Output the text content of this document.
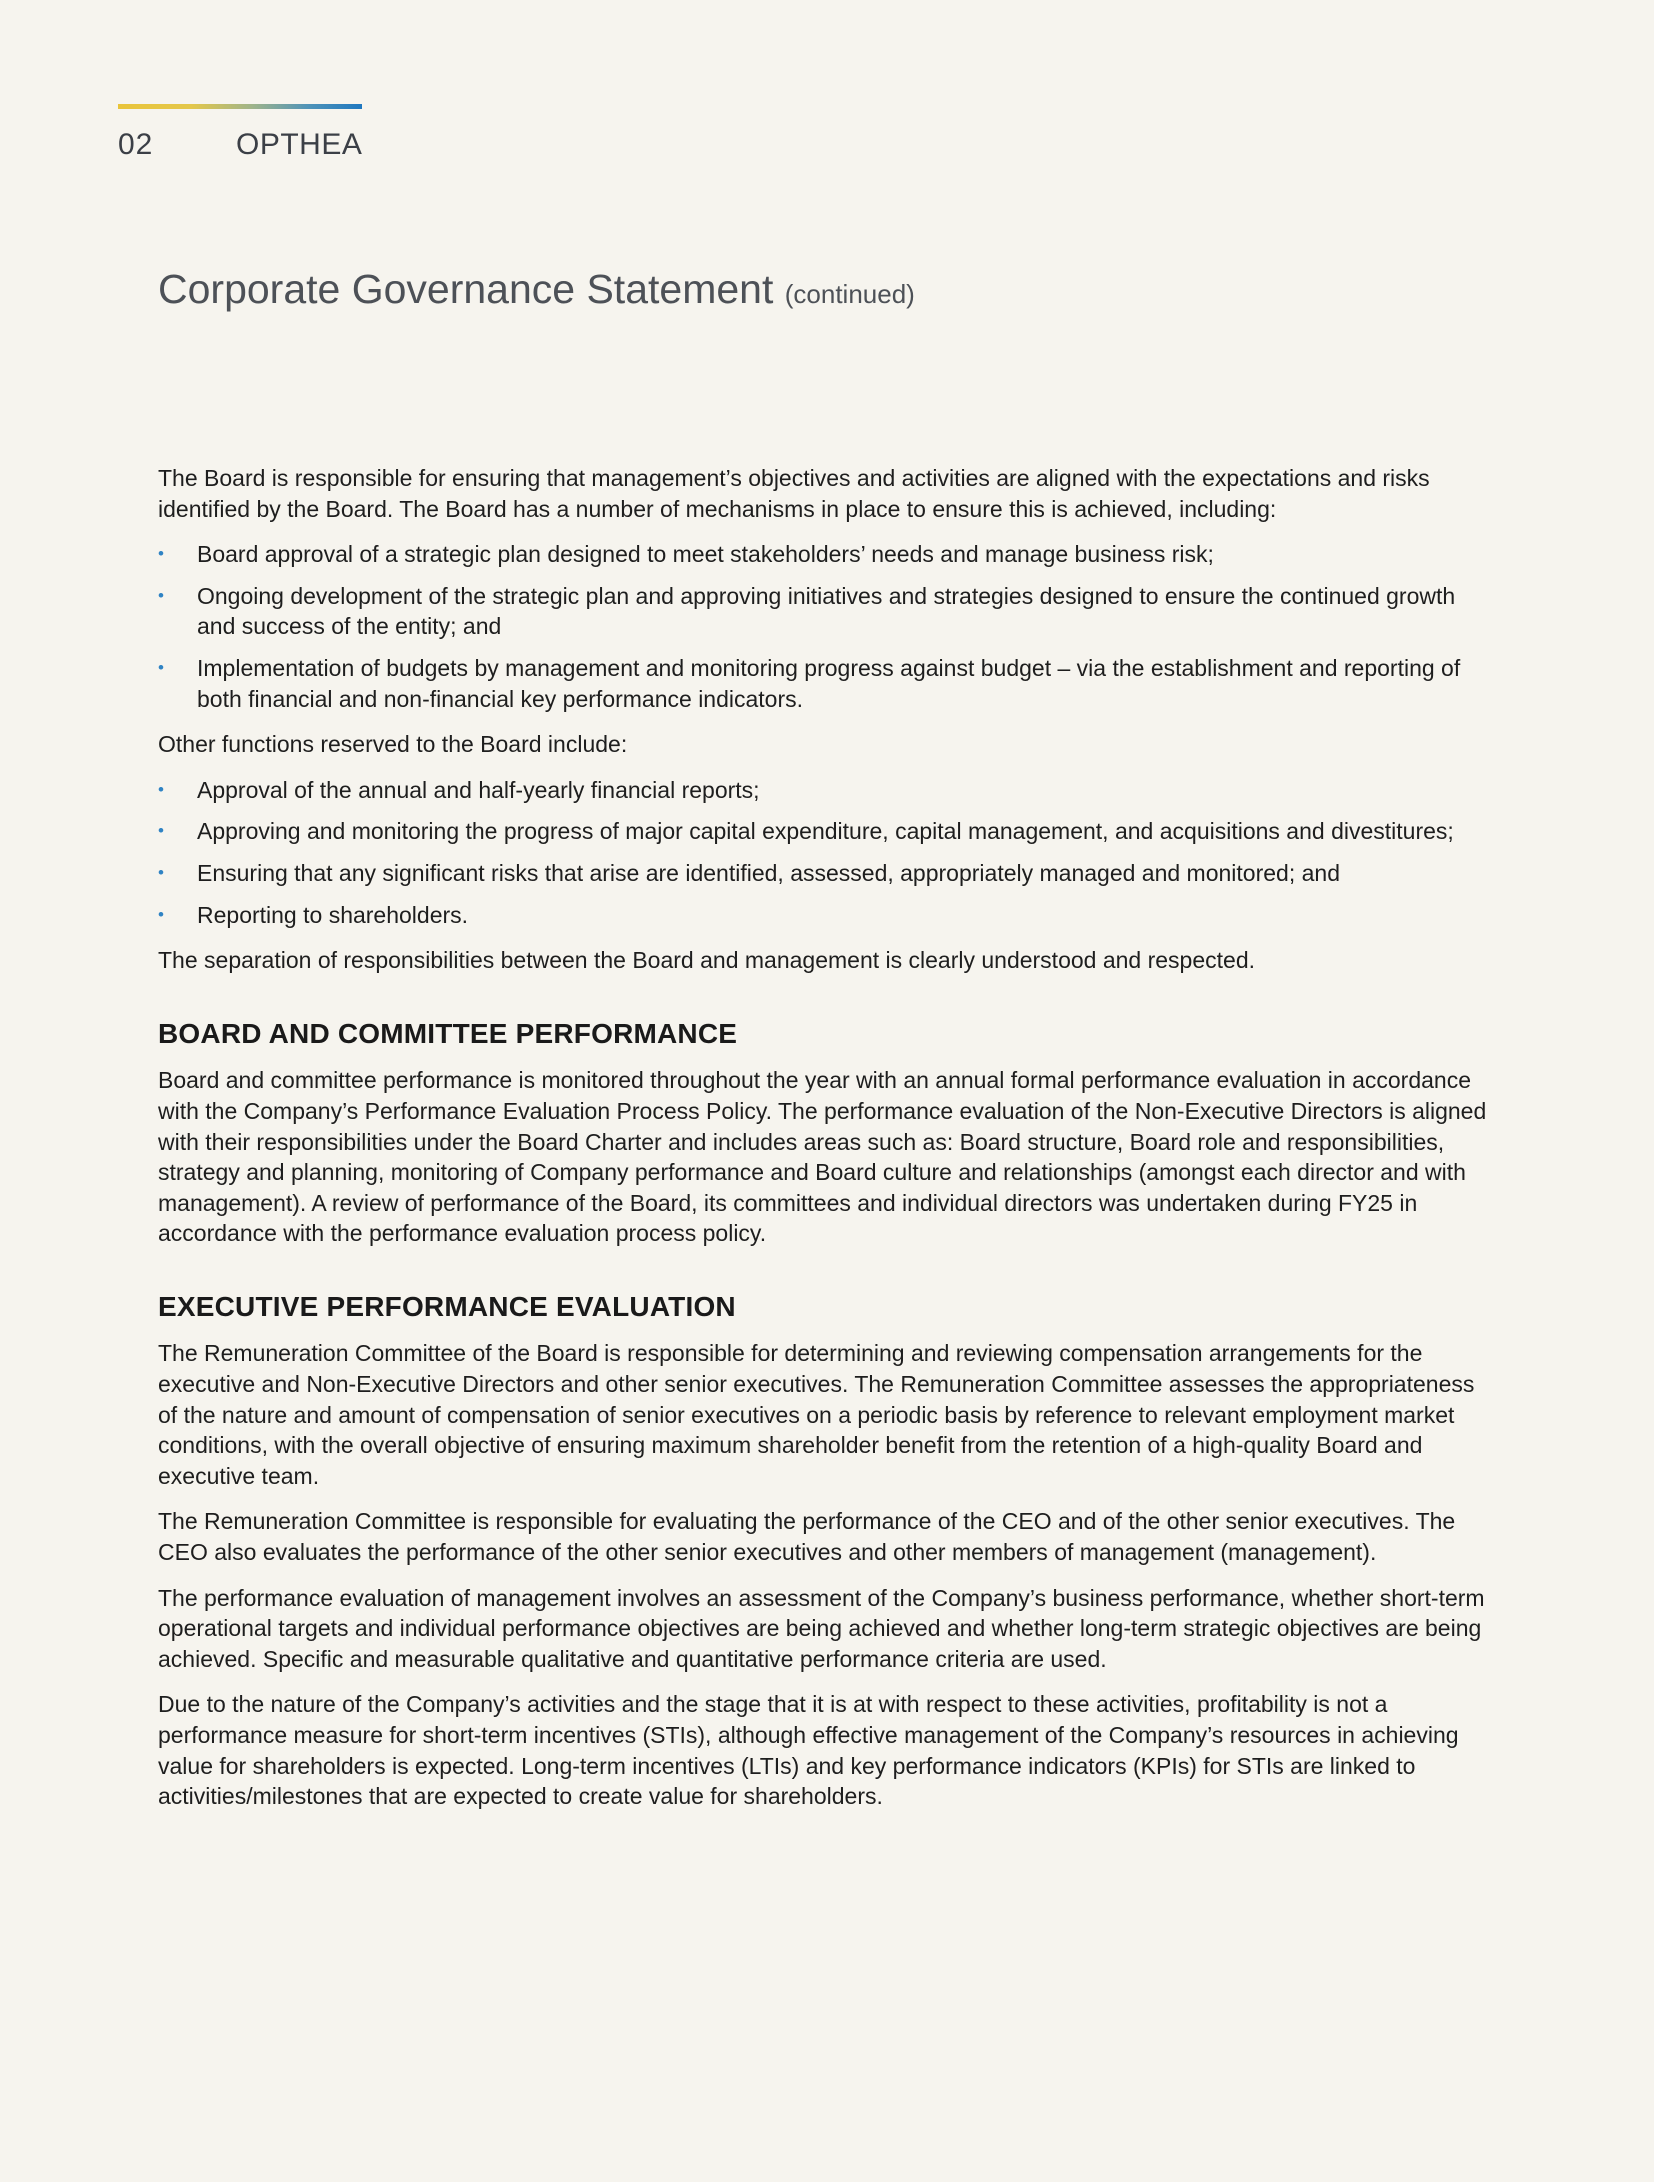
02	OPTHEA
Corporate Governance Statement (continued)

The Board is responsible for ensuring that management’s objectives and activities are aligned with the expectations and risks identified by the Board. The Board has a number of mechanisms in place to ensure this is achieved, including:

• Board approval of a strategic plan designed to meet stakeholders’ needs and manage business risk;
• Ongoing development of the strategic plan and approving initiatives and strategies designed to ensure the continued growth and success of the entity; and
• Implementation of budgets by management and monitoring progress against budget – via the establishment and reporting of both financial and non-financial key performance indicators.

Other functions reserved to the Board include:

• Approval of the annual and half-yearly financial reports;
• Approving and monitoring the progress of major capital expenditure, capital management, and acquisitions and divestitures;
• Ensuring that any significant risks that arise are identified, assessed, appropriately managed and monitored; and
• Reporting to shareholders.

The separation of responsibilities between the Board and management is clearly understood and respected.

BOARD AND COMMITTEE PERFORMANCE

Board and committee performance is monitored throughout the year with an annual formal performance evaluation in accordance with the Company’s Performance Evaluation Process Policy. The performance evaluation of the Non-Executive Directors is aligned with their responsibilities under the Board Charter and includes areas such as: Board structure, Board role and responsibilities, strategy and planning, monitoring of Company performance and Board culture and relationships (amongst each director and with management). A review of performance of the Board, its committees and individual directors was undertaken during FY25 in accordance with the performance evaluation process policy.

EXECUTIVE PERFORMANCE EVALUATION

The Remuneration Committee of the Board is responsible for determining and reviewing compensation arrangements for the executive and Non-Executive Directors and other senior executives. The Remuneration Committee assesses the appropriateness of the nature and amount of compensation of senior executives on a periodic basis by reference to relevant employment market conditions, with the overall objective of ensuring maximum shareholder benefit from the retention of a high-quality Board and executive team.

The Remuneration Committee is responsible for evaluating the performance of the CEO and of the other senior executives. The CEO also evaluates the performance of the other senior executives and other members of management (management).

The performance evaluation of management involves an assessment of the Company’s business performance, whether short-term operational targets and individual performance objectives are being achieved and whether long-term strategic objectives are being achieved. Specific and measurable qualitative and quantitative performance criteria are used.

Due to the nature of the Company’s activities and the stage that it is at with respect to these activities, profitability is not a performance measure for short-term incentives (STIs), although effective management of the Company’s resources in achieving value for shareholders is expected. Long-term incentives (LTIs) and key performance indicators (KPIs) for STIs are linked to activities/milestones that are expected to create value for shareholders.
